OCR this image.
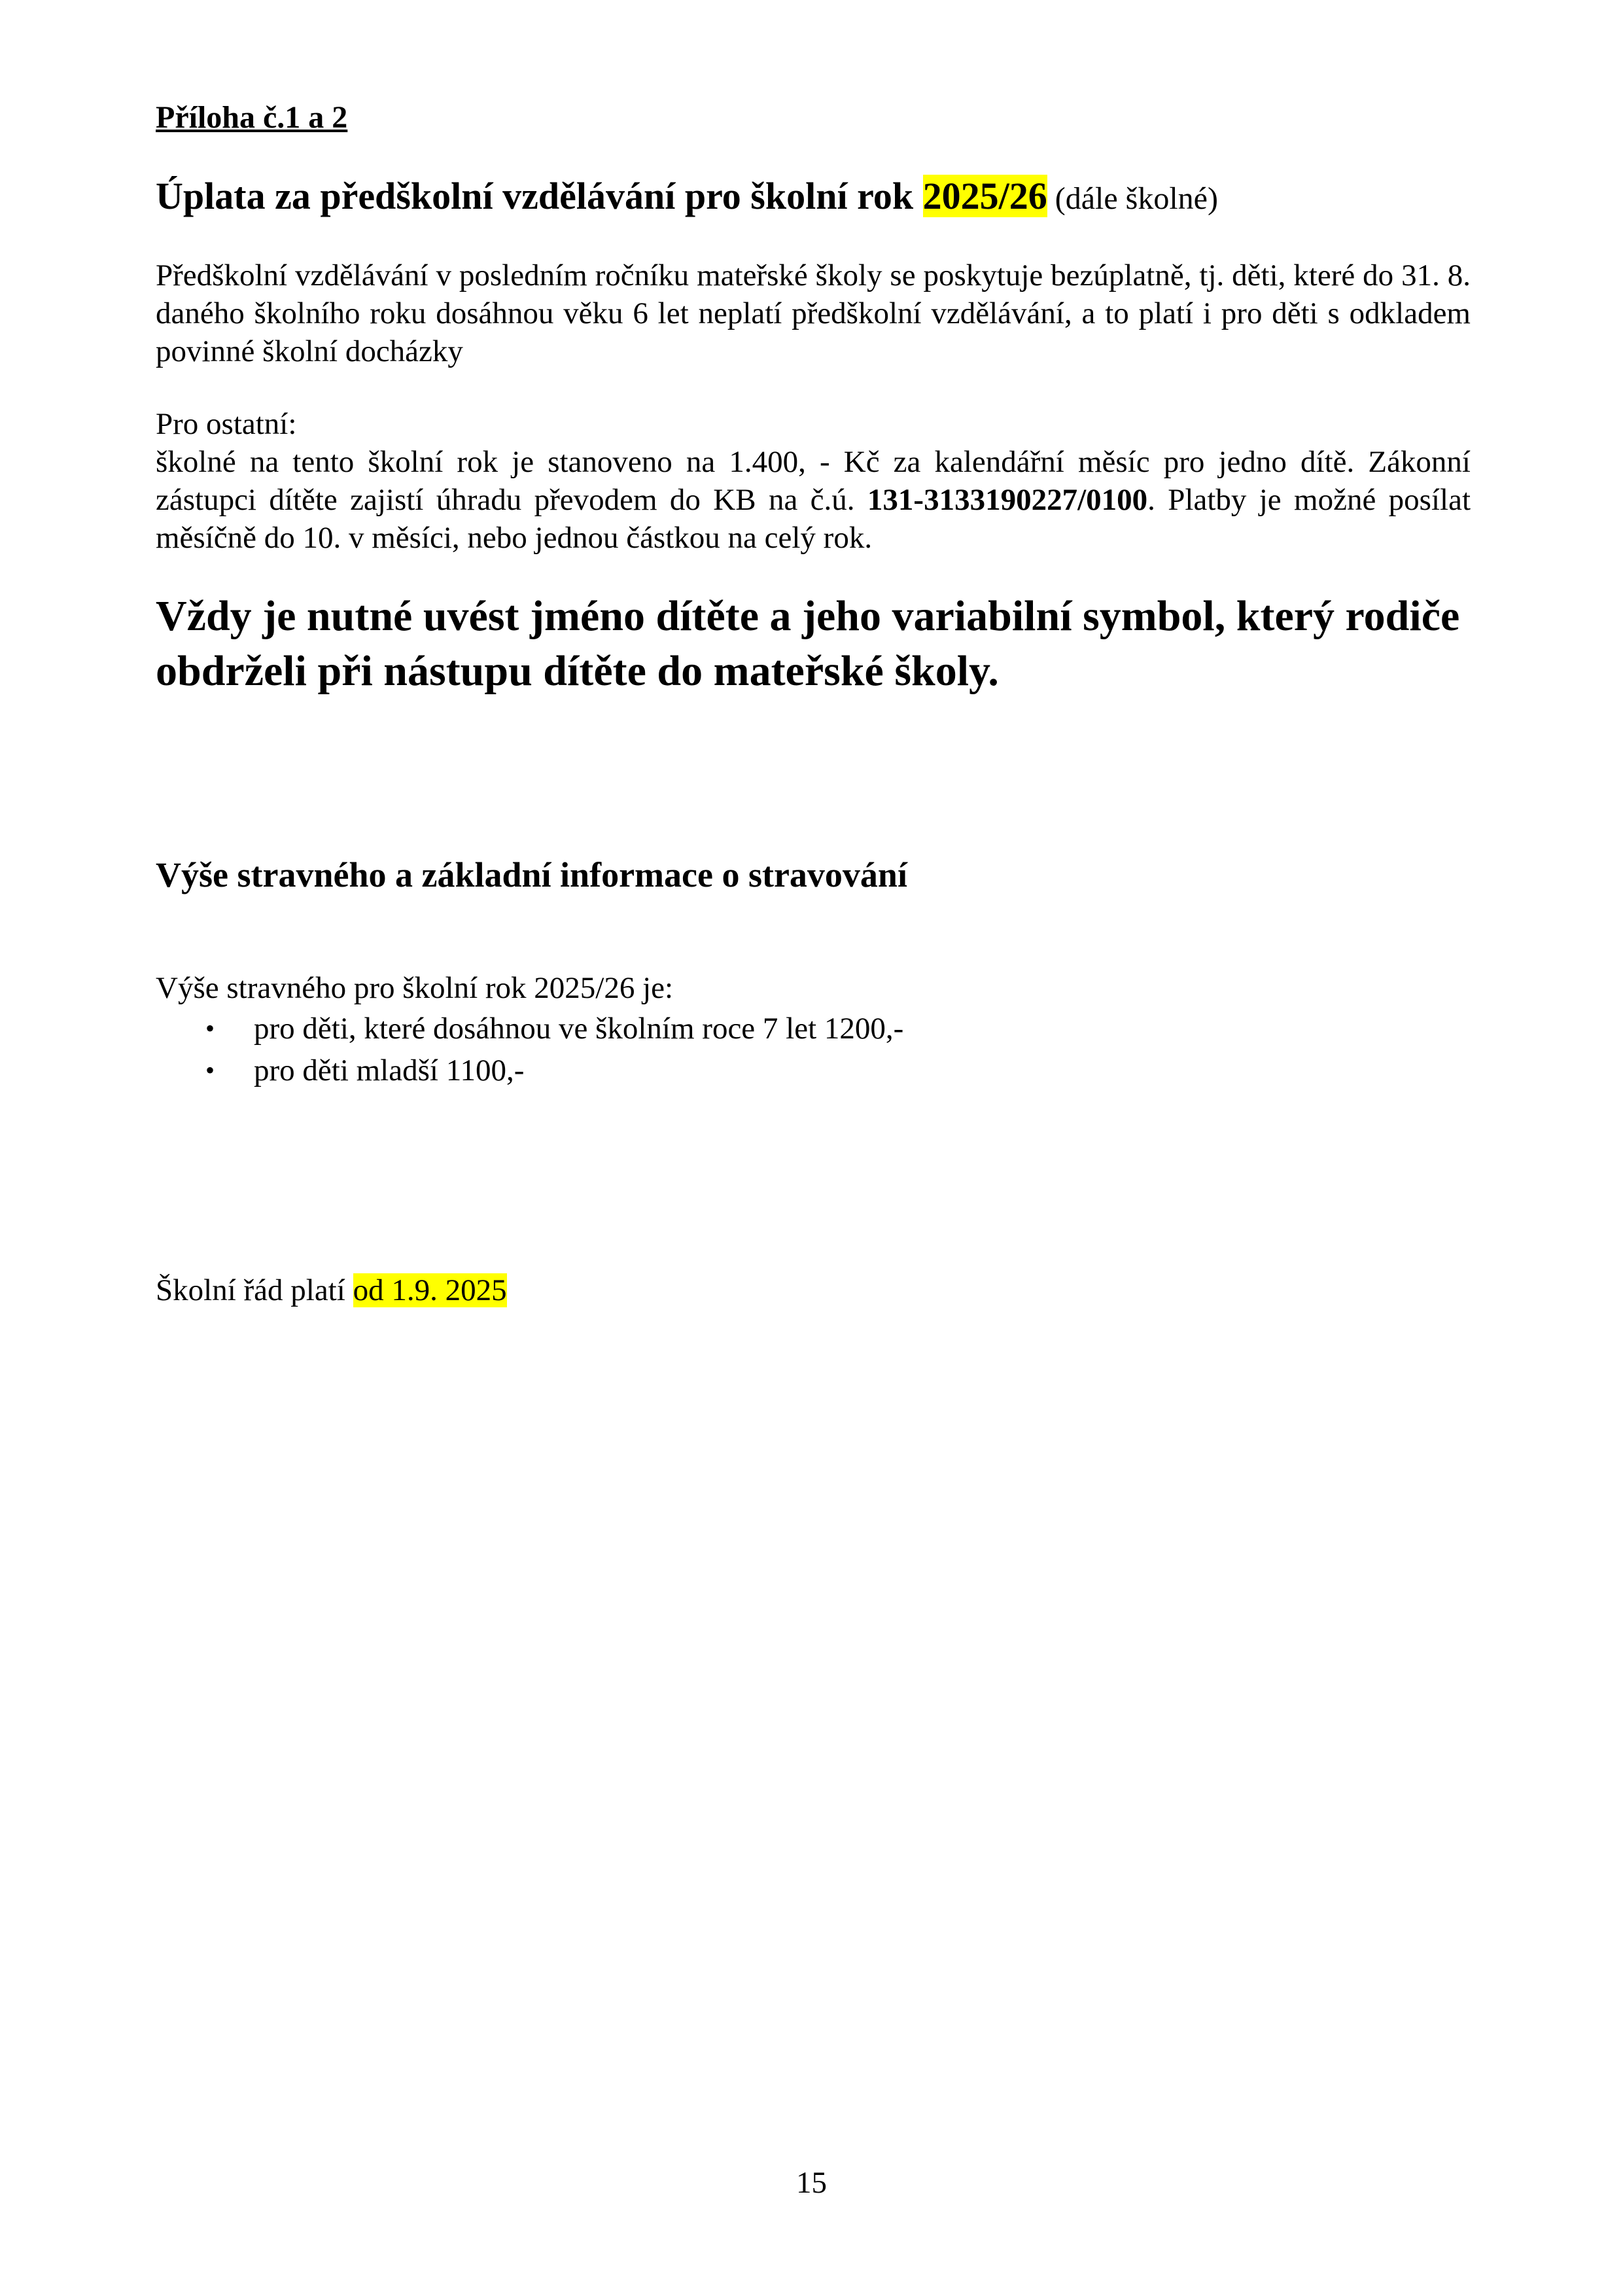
Příloha č.1 a 2
Úplata za předškolní vzdělávání pro školní rok 2025/26 (dále školné)
Předškolní vzdělávání v posledním ročníku mateřské školy se poskytuje bezúplatně, tj. děti, které do 31. 8. daného školního roku dosáhnou věku 6 let neplatí předškolní vzdělávání, a to platí i pro děti s odkladem povinné školní docházky
Pro ostatní:
školné na tento školní rok je stanoveno na 1.400, - Kč za kalendářní měsíc pro jedno dítě. Zákonní zástupci dítěte zajistí úhradu převodem do KB na č.ú. 131-3133190227/0100. Platby je možné posílat měsíčně do 10. v měsíci, nebo jednou částkou na celý rok.
Vždy je nutné uvést jméno dítěte a jeho variabilní symbol, který rodiče obdrželi při nástupu dítěte do mateřské školy.
Výše stravného a základní informace o stravování
Výše stravného pro školní rok 2025/26 je:
• pro děti, které dosáhnou ve školním roce 7 let 1200,-
• pro děti mladší 1100,-
Školní řád platí od 1.9. 2025
15
